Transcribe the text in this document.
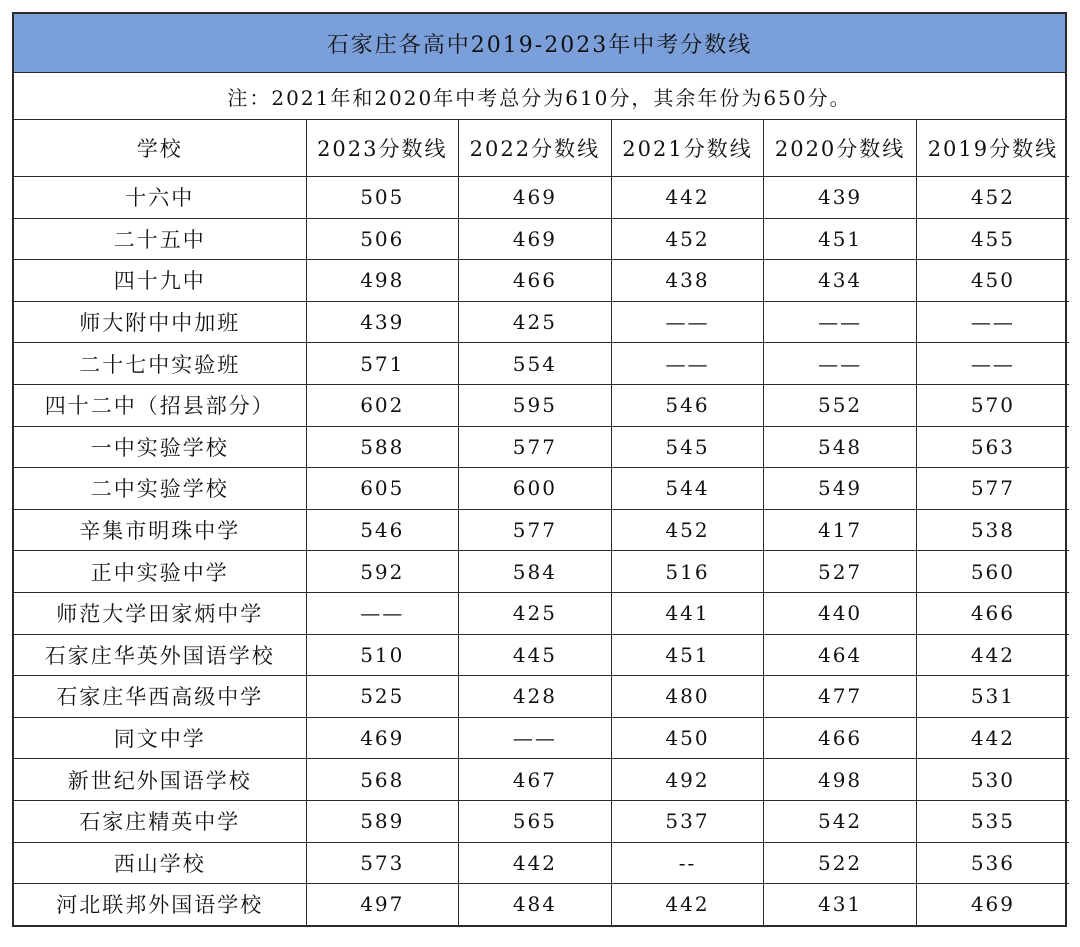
石家庄各高中2019-2023年中考分数线
注：2021年和2020年中考总分为610分，其余年份为650分。
学校	2023分数线	2022分数线	2021分数线	2020分数线	2019分数线
十六中	505	469	442	439	452
二十五中	506	469	452	451	455
四十九中	498	466	438	434	450
师大附中中加班	439	425	——	——	——
二十七中实验班	571	554	——	——	——
四十二中（招县部分）	602	595	546	552	570
一中实验学校	588	577	545	548	563
二中实验学校	605	600	544	549	577
辛集市明珠中学	546	577	452	417	538
正中实验中学	592	584	516	527	560
师范大学田家炳中学	——	425	441	440	466
石家庄华英外国语学校	510	445	451	464	442
石家庄华西高级中学	525	428	480	477	531
同文中学	469	——	450	466	442
新世纪外国语学校	568	467	492	498	530
石家庄精英中学	589	565	537	542	535
西山学校	573	442	--	522	536
河北联邦外国语学校	497	484	442	431	469
